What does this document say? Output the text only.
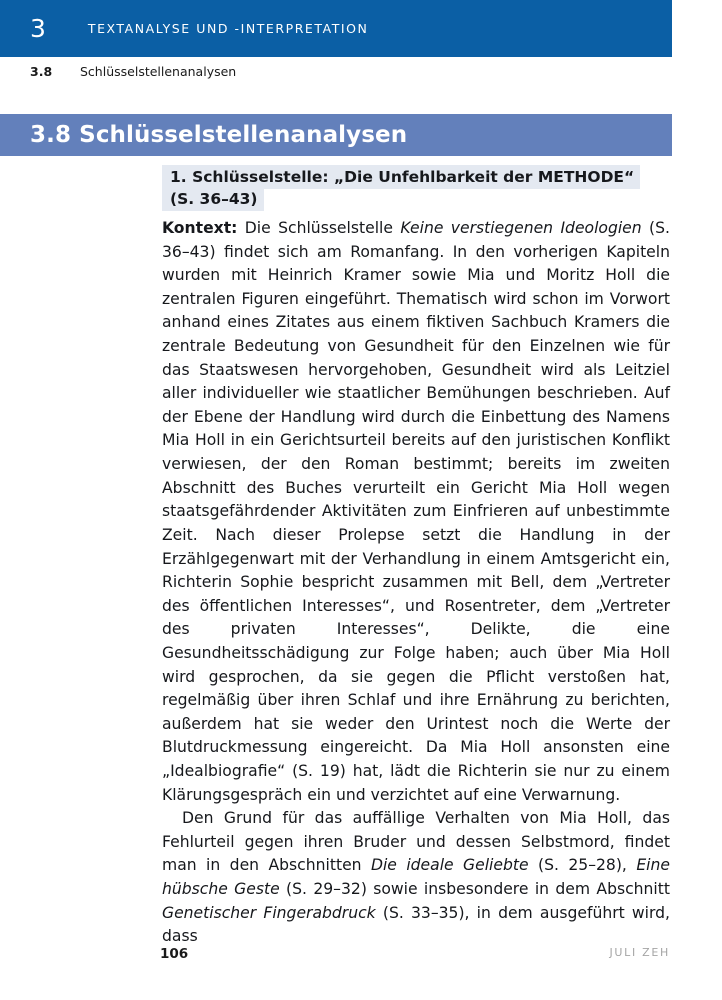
3	TEXTANALYSE UND -INTERPRETATION
3.8	Schlüsselstellenanalysen
3.8 Schlüsselstellenanalysen
1. Schlüsselstelle: „Die Unfehlbarkeit der METHODE“
(S. 36–43)

Kontext: Die Schlüsselstelle Keine verstiegenen Ideologien (S. 36–43) findet sich am Romanfang. In den vorherigen Kapiteln wurden mit Heinrich Kramer sowie Mia und Moritz Holl die zentralen Figuren eingeführt. Thematisch wird schon im Vorwort anhand eines Zitates aus einem fiktiven Sachbuch Kramers die zentrale Bedeutung von Gesundheit für den Einzelnen wie für das Staatswesen hervorgehoben, Gesundheit wird als Leitziel aller individueller wie staatlicher Bemühungen beschrieben. Auf der Ebene der Handlung wird durch die Einbettung des Namens Mia Holl in ein Gerichtsurteil bereits auf den juristischen Konflikt verwiesen, der den Roman bestimmt; bereits im zweiten Abschnitt des Buches verurteilt ein Gericht Mia Holl wegen staatsgefährdender Aktivitäten zum Einfrieren auf unbestimmte Zeit. Nach dieser Prolepse setzt die Handlung in der Erzählgegenwart mit der Verhandlung in einem Amtsgericht ein, Richterin Sophie bespricht zusammen mit Bell, dem „Vertreter des öffentlichen Interesses“, und Rosentreter, dem „Vertreter des privaten Interesses“, Delikte, die eine Gesundheitsschädigung zur Folge haben; auch über Mia Holl wird gesprochen, da sie gegen die Pflicht verstoßen hat, regelmäßig über ihren Schlaf und ihre Ernährung zu berichten, außerdem hat sie weder den Urintest noch die Werte der Blutdruckmessung eingereicht. Da Mia Holl ansonsten eine „Idealbiografie“ (S. 19) hat, lädt die Richterin sie nur zu einem Klärungsgespräch ein und verzichtet auf eine Verwarnung.

Den Grund für das auffällige Verhalten von Mia Holl, das Fehlurteil gegen ihren Bruder und dessen Selbstmord, findet man in den Abschnitten Die ideale Geliebte (S. 25–28), Eine hübsche Geste (S. 29–32) sowie insbesondere in dem Abschnitt Genetischer Fingerabdruck (S. 33–35), in dem ausgeführt wird, dass

106	JULI ZEH
